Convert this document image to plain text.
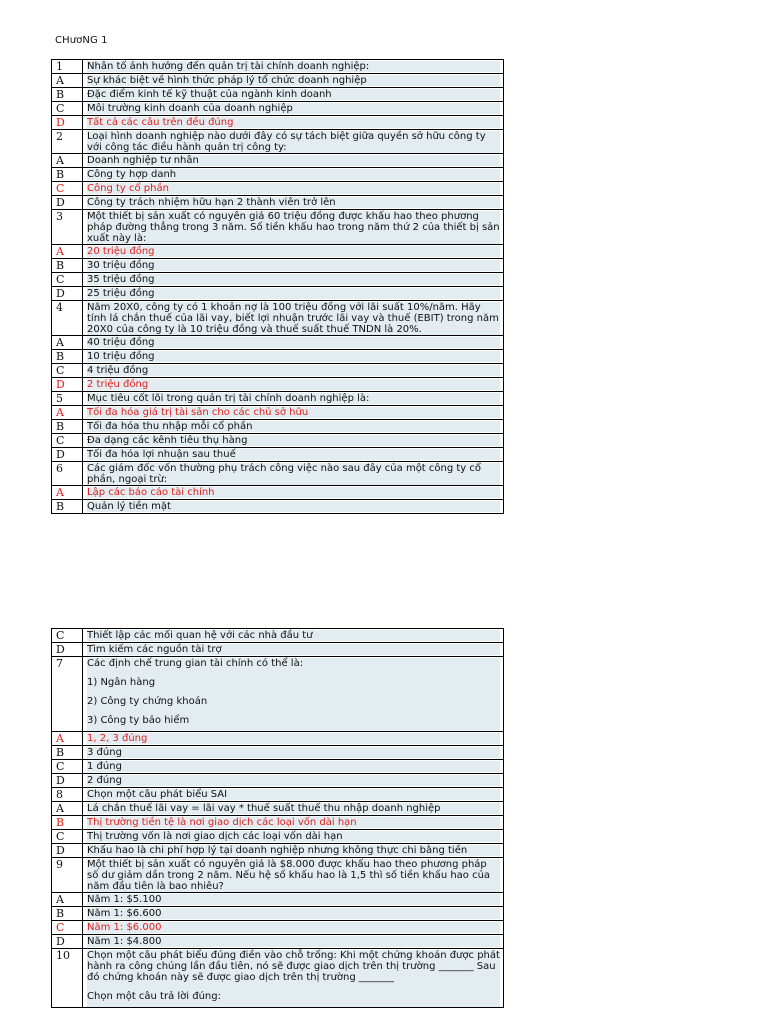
CHươNG 1
1	Nhân tố ảnh hưởng đến quản trị tài chính doanh nghiệp:

A	Sự khác biệt về hình thức pháp lý tổ chức doanh nghiệp

B	Đặc điểm kinh tế kỹ thuật của ngành kinh doanh

C	Môi trường kinh doanh của doanh nghiệp

D	Tất cả các câu trên đều đúng

2	Loại hình doanh nghiệp nào dưới đây có sự tách biệt giữa quyền sở hữu công ty với công tác điều hành quản trị công ty:

A	Doanh nghiệp tư nhân

B	Công ty hợp danh

C	Công ty cổ phần

D	Công ty trách nhiệm hữu hạn 2 thành viên trở lên

3	Một thiết bị sản xuất có nguyên giá 60 triệu đồng được khấu hao theo phương pháp đường thẳng trong 3 năm. Số tiền khấu hao trong năm thứ 2 của thiết bị sản xuất này là:

A	20 triệu đồng

B	30 triệu đồng

C	35 triệu đồng

D	25 triệu đồng

4	Năm 20X0, công ty có 1 khoản nợ là 100 triệu đồng với lãi suất 10%/năm. Hãy tính lá chắn thuế của lãi vay, biết lợi nhuận trước lãi vay và thuế (EBIT) trong năm 20X0 của công ty là 10 triệu đồng và thuế suất thuế TNDN là 20%.

A	40 triệu đồng

B	10 triệu đồng

C	4 triệu đồng

D	2 triệu đồng

5	Mục tiêu cốt lõi trong quản trị tài chính doanh nghiệp là:

A	Tối đa hóa giá trị tài sản cho các chủ sở hữu

B	Tối đa hóa thu nhập mỗi cổ phần

C	Đa dạng các kênh tiêu thụ hàng

D	Tối đa hóa lợi nhuận sau thuế

6	Các giám đốc vốn thường phụ trách công việc nào sau đây của một công ty cổ phần, ngoại trừ:

A	Lập các báo cáo tài chính

B	Quản lý tiền mặt
C	Thiết lập các mối quan hệ với các nhà đầu tư

D	Tìm kiếm các nguồn tài trợ

7	Các định chế trung gian tài chính có thể là:

1) Ngân hàng

2) Công ty chứng khoán

3) Công ty bảo hiểm

A	1, 2, 3 đúng

B	3 đúng

C	1 đúng

D	2 đúng

8	Chọn một câu phát biểu SAI

A	Lá chắn thuế lãi vay = lãi vay * thuế suất thuế thu nhập doanh nghiệp

B	Thị trường tiền tệ là nơi giao dịch các loại vốn dài hạn

C	Thị trường vốn là nơi giao dịch các loại vốn dài hạn

D	Khấu hao là chi phí hợp lý tại doanh nghiệp nhưng không thực chi bằng tiền

9	Một thiết bị sản xuất có nguyên giá là $8.000 được khấu hao theo phương pháp số dư giảm dần trong 2 năm. Nếu hệ số khấu hao là 1,5 thì số tiền khấu hao của năm đầu tiên là bao nhiêu?

A	Năm 1: $5.100

B	Năm 1: $6.600

C	Năm 1: $6.000

D	Năm 1: $4.800

10	Chọn một câu phát biểu đúng điền vào chỗ trống: Khi một chứng khoán được phát hành ra công chúng lần đầu tiên, nó sẽ được giao dịch trên thị trường _______ Sau đó chứng khoán này sẽ được giao dịch trên thị trường _______

Chọn một câu trả lời đúng:
